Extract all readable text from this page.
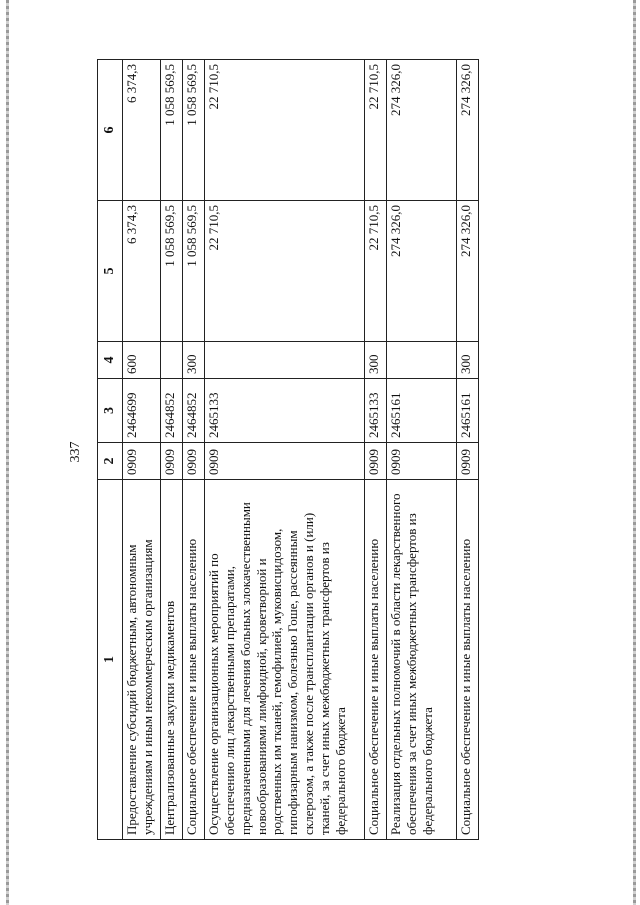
337
1	2	3	4	5	6
Предоставление субсидий бюджетным, автономным учреждениям и иным некоммерческим организациям	0909	2464699	600	6 374,3	6 374,3
Централизованные закупки медикаментов	0909	2464852		1 058 569,5	1 058 569,5
Социальное обеспечение и иные выплаты населению	0909	2464852	300	1 058 569,5	1 058 569,5
Осуществление организационных мероприятий по обеспечению лиц лекарственными препаратами, предназначенными для лечения больных злокачественными новообразованиями лимфоидной, кроветворной и родственных им тканей, гемофилией, муковисцидозом, гипофизарным нанизмом, болезнью Гоше, рассеянным склерозом, а также после трансплантации органов и (или) тканей, за счет иных межбюджетных трансфертов из федерального бюджета	0909	2465133		22 710,5	22 710,5
Социальное обеспечение и иные выплаты населению	0909	2465133	300	22 710,5	22 710,5
Реализация отдельных полномочий в области лекарственного обеспечения за счет иных межбюджетных трансфертов из федерального бюджета	0909	2465161		274 326,0	274 326,0
Социальное обеспечение и иные выплаты населению	0909	2465161	300	274 326,0	274 326,0
